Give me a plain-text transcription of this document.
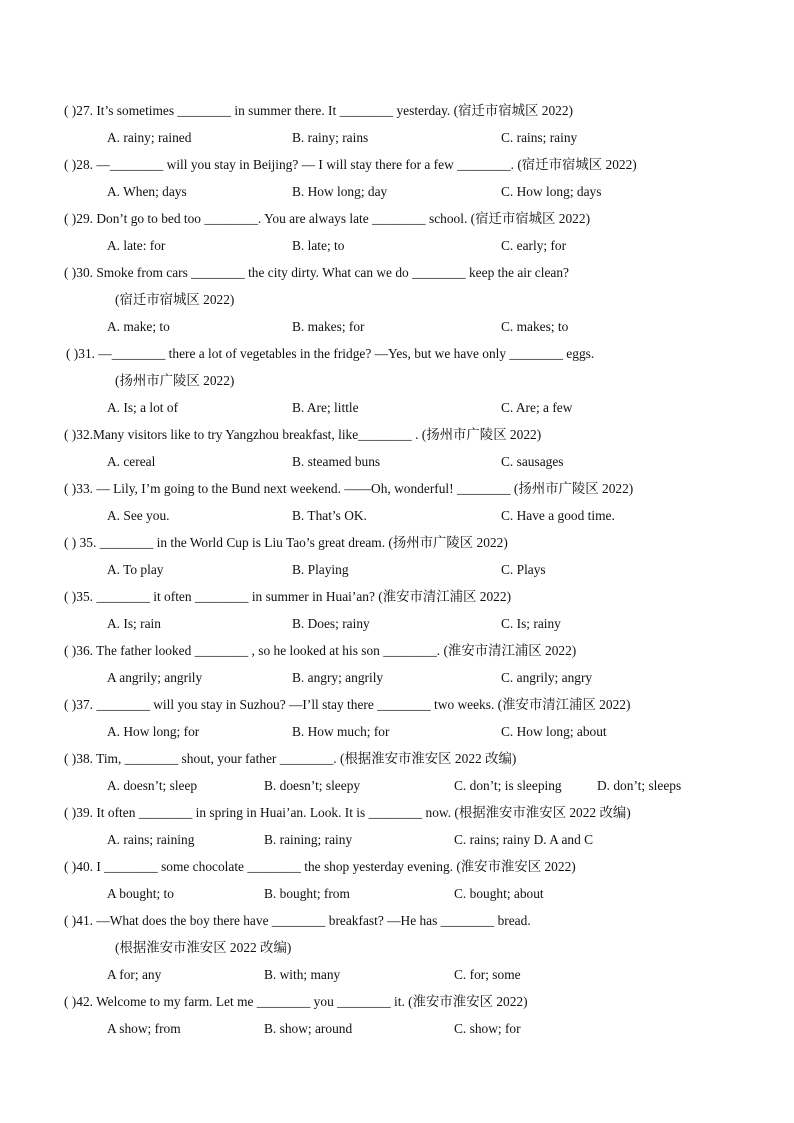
( )27. It’s sometimes ________ in summer there. It ________ yesterday. (宿迁市宿城区 2022)
A. rainy; rained	B. rainy; rains	C. rains; rainy
( )28. —________ will you stay in Beijing? — I will stay there for a few ________. (宿迁市宿城区 2022)
A. When; days	B. How long; day	C. How long; days
( )29. Don’t go to bed too ________. You are always late ________ school. (宿迁市宿城区 2022)
A. late: for	B. late; to	C. early; for
( )30. Smoke from cars ________ the city dirty. What can we do ________ keep the air clean?
(宿迁市宿城区 2022)
A. make; to	B. makes; for	C. makes; to
( )31. —________ there a lot of vegetables in the fridge? —Yes, but we have only ________ eggs.
(扬州市广陵区 2022)
A. Is; a lot of	B. Are; little	C. Are; a few
( )32.Many visitors like to try Yangzhou breakfast, like________ . (扬州市广陵区 2022)
A. cereal	B. steamed buns	C. sausages
( )33. — Lily, I’m going to the Bund next weekend. ——Oh, wonderful! ________ (扬州市广陵区 2022)
A. See you.	B. That’s OK.	C. Have a good time.
( ) 35. ________ in the World Cup is Liu Tao’s great dream. (扬州市广陵区 2022)
A. To play	B. Playing	C. Plays
( )35. ________ it often ________ in summer in Huai’an? (淮安市清江浦区 2022)
A. Is; rain	B. Does; rainy	C. Is; rainy
( )36. The father looked ________ , so he looked at his son ________. (淮安市清江浦区 2022)
A angrily; angrily	B. angry; angrily	C. angrily; angry
( )37. ________ will you stay in Suzhou? —I’ll stay there ________ two weeks. (淮安市清江浦区 2022)
A. How long; for	B. How much; for	C. How long; about
( )38. Tim, ________ shout, your father ________. (根据淮安市淮安区 2022 改编)
A. doesn’t; sleep	B. doesn’t; sleepy	C. don’t; is sleeping	D. don’t; sleeps
( )39. It often ________ in spring in Huai’an. Look. It is ________ now. (根据淮安市淮安区 2022 改编)
A. rains; raining	B. raining; rainy	C. rains; rainy D. A and C
( )40. I ________ some chocolate ________ the shop yesterday evening. (淮安市淮安区 2022)
A bought; to	B. bought; from	C. bought; about
( )41. —What does the boy there have ________ breakfast? —He has ________ bread.
(根据淮安市淮安区 2022 改编)
A for; any	B. with; many	C. for; some
( )42. Welcome to my farm. Let me ________ you ________ it. (淮安市淮安区 2022)
A show; from	B. show; around	C. show; for
